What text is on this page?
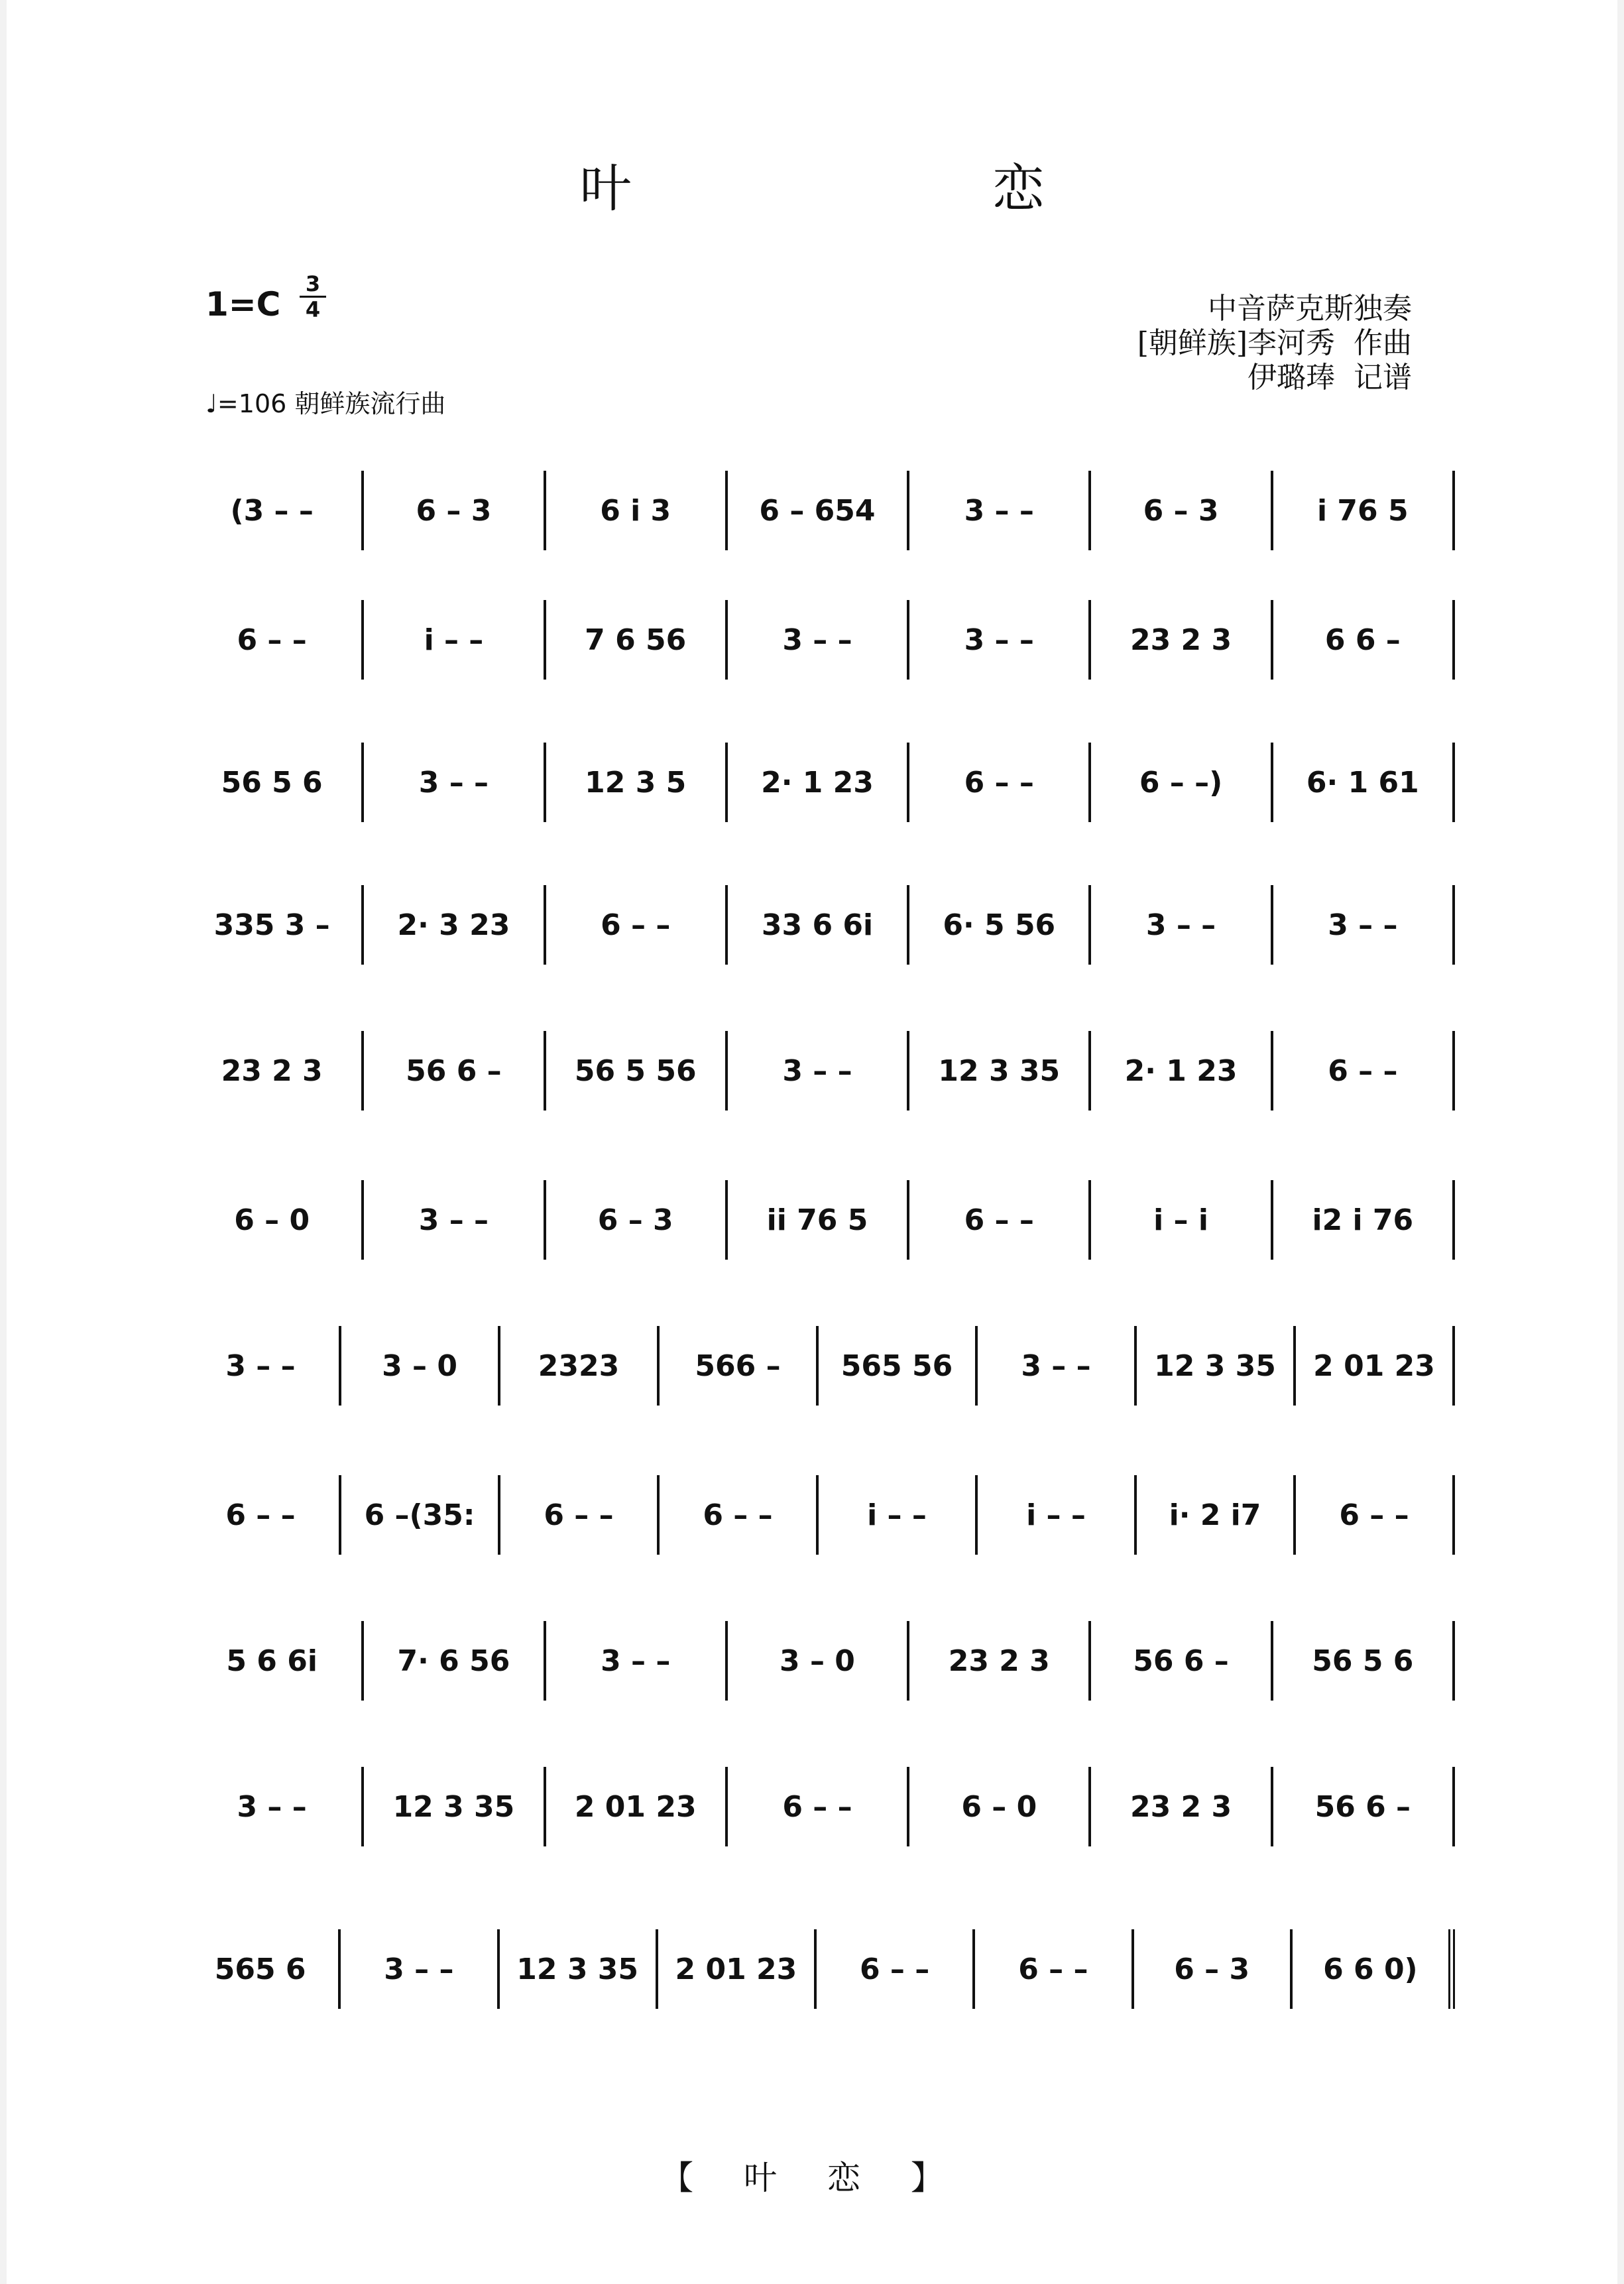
叶 恋
1=C
3
4
♩=106 朝鲜族流行曲
中音萨克斯独奏
[朝鲜族]李河秀  作曲
伊璐琫  记谱
(3 – –	6 – 3	6 i 3	6 – 654	3 – –	6 – 3	i 76 5
6 – –	i – –	7 6 56	3 – –	3 – –	23 2 3	6 6 –
56 5 6	3 – –	12 3 5	2· 1 23	6 – –	6 – –)	6· 1 61
335 3 –	2· 3 23	6 – –	33 6 6i	6· 5 56	3 – –	3 – –
23 2 3	56 6 –	56 5 56	3 – –	12 3 35	2· 1 23	6 – –
6 – 0	3 – –	6 – 3	ii 76 5	6 – –	i – i	i2 i 76
3 – –	3 – 0	2323	566 –	565 56	3 – –	12 3 35	2 01 23
6 – –	6 –(35:	6 – –	6 – –	i – –	i – –	i· 2 i7	6 – –
5 6 6i	7· 6 56	3 – –	3 – 0	23 2 3	56 6 –	56 5 6
3 – –	12 3 35	2 01 23	6 – –	6 – 0	23 2 3	56 6 –
565 6	3 – –	12 3 35	2 01 23	6 – –	6 – –	6 – 3	6 6 0)
【 叶 恋 】
